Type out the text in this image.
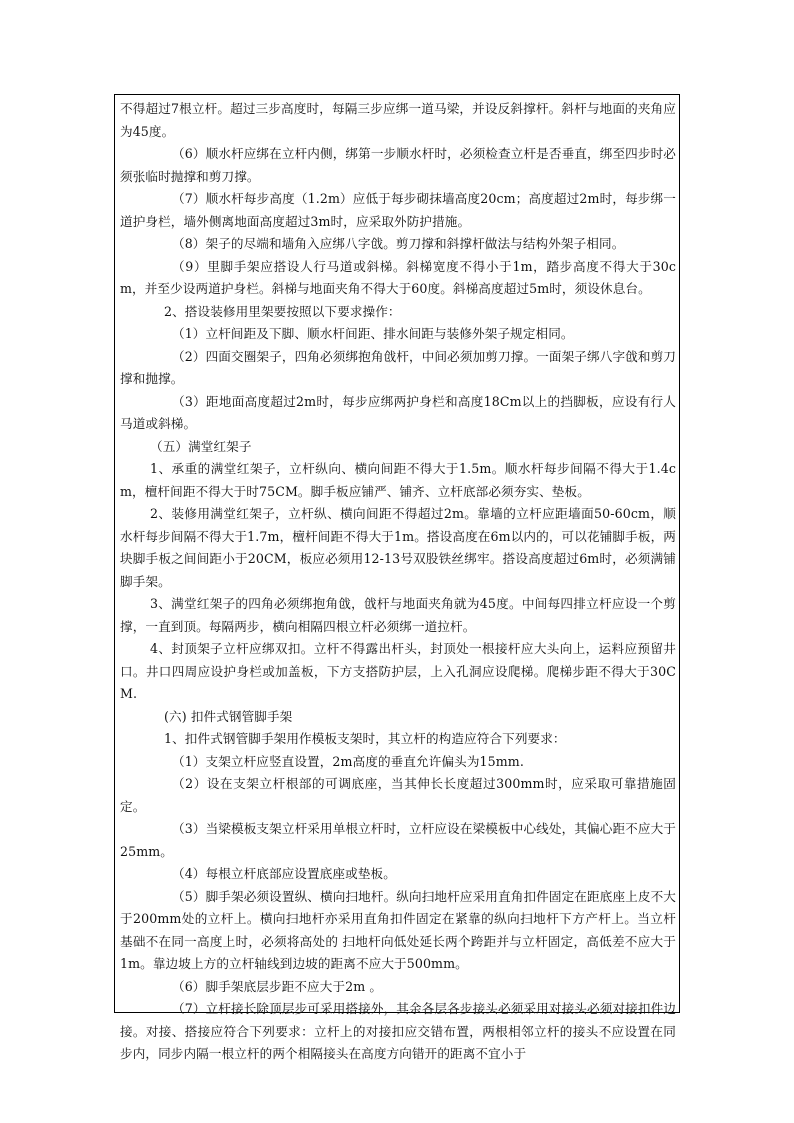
不得超过7根立杆。超过三步高度时，每隔三步应绑一道马梁，并设反斜撑杆。斜杆与地面的夹角应为45度。

（6）顺水杆应绑在立杆内侧，绑第一步顺水杆时，必须检查立杆是否垂直，绑至四步时必须张临时抛撑和剪刀撑。

（7）顺水杆每步高度（1.2m）应低于每步砌抹墙高度20cm；高度超过2m时，每步绑一道护身栏，墙外侧离地面高度超过3m时，应采取外防护措施。

（8）架子的尽端和墙角入应绑八字戗。剪刀撑和斜撑杆做法与结构外架子相同。

（9）里脚手架应搭设人行马道或斜梯。斜梯宽度不得小于1m，踏步高度不得大于30cm，并至少设两道护身栏。斜梯与地面夹角不得大于60度。斜梯高度超过5m时，须设休息台。

2、搭设装修用里架要按照以下要求操作：

（1）立杆间距及下脚、顺水杆间距、排水间距与装修外架子规定相同。

（2）四面交圈架子，四角必须绑抱角戗杆，中间必须加剪刀撑。一面架子绑八字戗和剪刀撑和抛撑。

（3）距地面高度超过2m时，每步应绑两护身栏和高度18Cm以上的挡脚板，应设有行人马道或斜梯。

（五）满堂红架子

1、承重的满堂红架子，立杆纵向、横向间距不得大于1.5m。顺水杆每步间隔不得大于1.4cm，檀杆间距不得大于时75CM。脚手板应铺严、铺齐、立杆底部必须夯实、垫板。

2、装修用满堂红架子，立杆纵、横向间距不得超过2m。靠墙的立杆应距墙面50-60cm，顺水杆每步间隔不得大于1.7m，檀杆间距不得大于1m。搭设高度在6m以内的，可以花铺脚手板，两块脚手板之间间距小于20CM，板应必须用12-13号双股铁丝绑牢。搭设高度超过6m时，必须满铺脚手架。

3、满堂红架子的四角必须绑抱角戗，戗杆与地面夹角就为45度。中间每四排立杆应设一个剪撑，一直到顶。每隔两步，横向相隔四根立杆必须绑一道拉杆。

4、封顶架子立杆应绑双扣。立杆不得露出杆头，封顶处一根接杆应大头向上，运料应预留井口。井口四周应设护身栏或加盖板，下方支搭防护层，上入孔洞应设爬梯。爬梯步距不得大于30CM.

(六) 扣件式钢管脚手架

1、扣件式钢管脚手架用作模板支架时，其立杆的构造应符合下列要求：

（1）支架立杆应竖直设置，2m高度的垂直允许偏头为15mm.

（2）设在支架立杆根部的可调底座，当其伸长长度超过300mm时，应采取可靠措施固定。

（3）当梁模板支架立杆采用单根立杆时，立杆应设在梁模板中心线处，其偏心距不应大于25mm。

（4）每根立杆底部应设置底座或垫板。

（5）脚手架必须设置纵、横向扫地杆。纵向扫地杆应采用直角扣件固定在距底座上皮不大于200mm处的立杆上。横向扫地杆亦采用直角扣件固定在紧靠的纵向扫地杆下方产杆上。当立杆基础不在同一高度上时，必须将高处的 扫地杆向低处延长两个跨距并与立杆固定，高低差不应大于1m。靠边坡上方的立杆轴线到边坡的距离不应大于500mm。

（6）脚手架底层步距不应大于2m 。

（7）立杆接长除顶层步可采用搭接外，其余各层各步接头必须采用对接头必须对接扣件边接。对接、搭接应符合下列要求：立杆上的对接扣应交错布置，两根相邻立杆的接头不应设置在同步内，同步内隔一根立杆的两个相隔接头在高度方向错开的距离不宜小于
